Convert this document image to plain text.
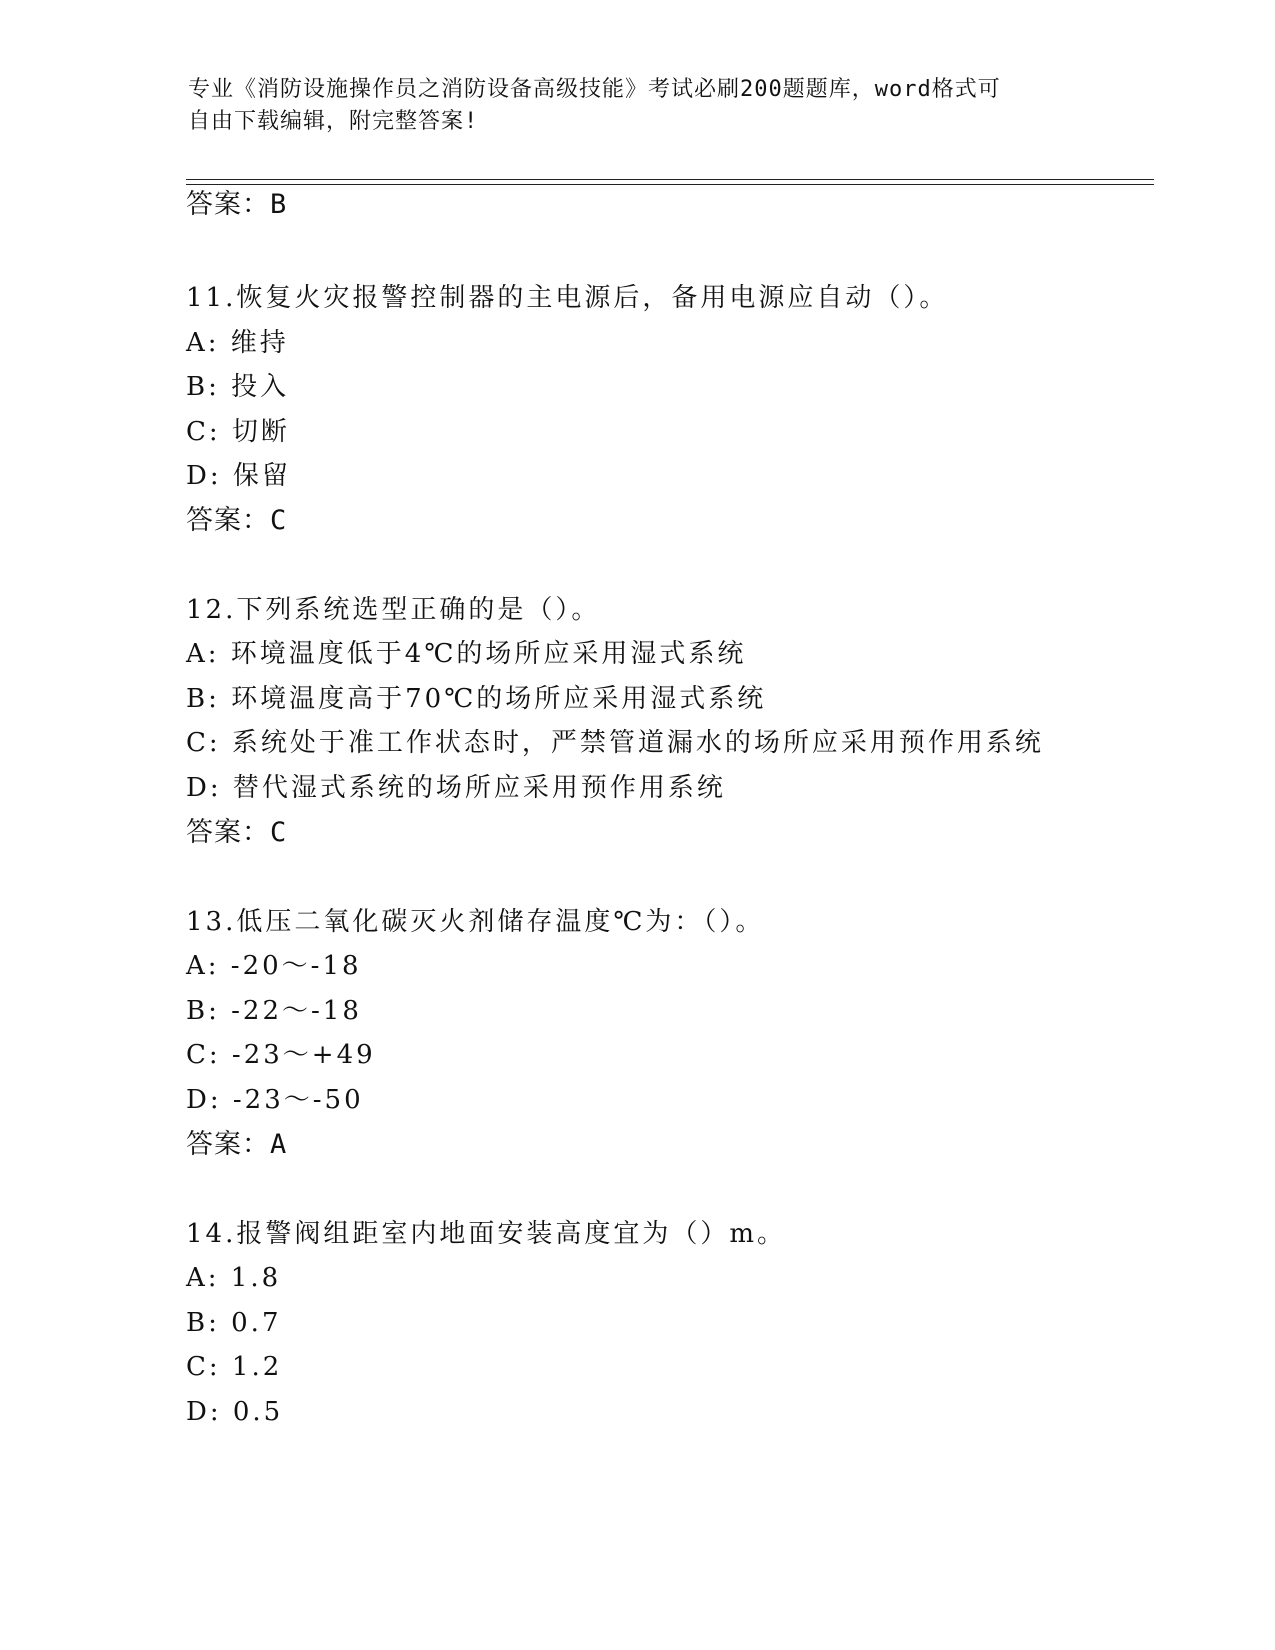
专业《消防设施操作员之消防设备高级技能》考试必刷200题题库，word格式可
自由下载编辑，附完整答案!
答案：B
11.恢复火灾报警控制器的主电源后，备用电源应自动（）。
A: 维持
B: 投入
C: 切断
D: 保留
答案：C
12.下列系统选型正确的是（）。
A: 环境温度低于4℃的场所应采用湿式系统
B: 环境温度高于70℃的场所应采用湿式系统
C: 系统处于准工作状态时，严禁管道漏水的场所应采用预作用系统
D: 替代湿式系统的场所应采用预作用系统
答案：C
13.低压二氧化碳灭火剂储存温度℃为：（）。
A: -20～-18
B: -22～-18
C: -23～+49
D: -23～-50
答案：A
14.报警阀组距室内地面安装高度宜为（）m。
A: 1.8
B: 0.7
C: 1.2
D: 0.5
